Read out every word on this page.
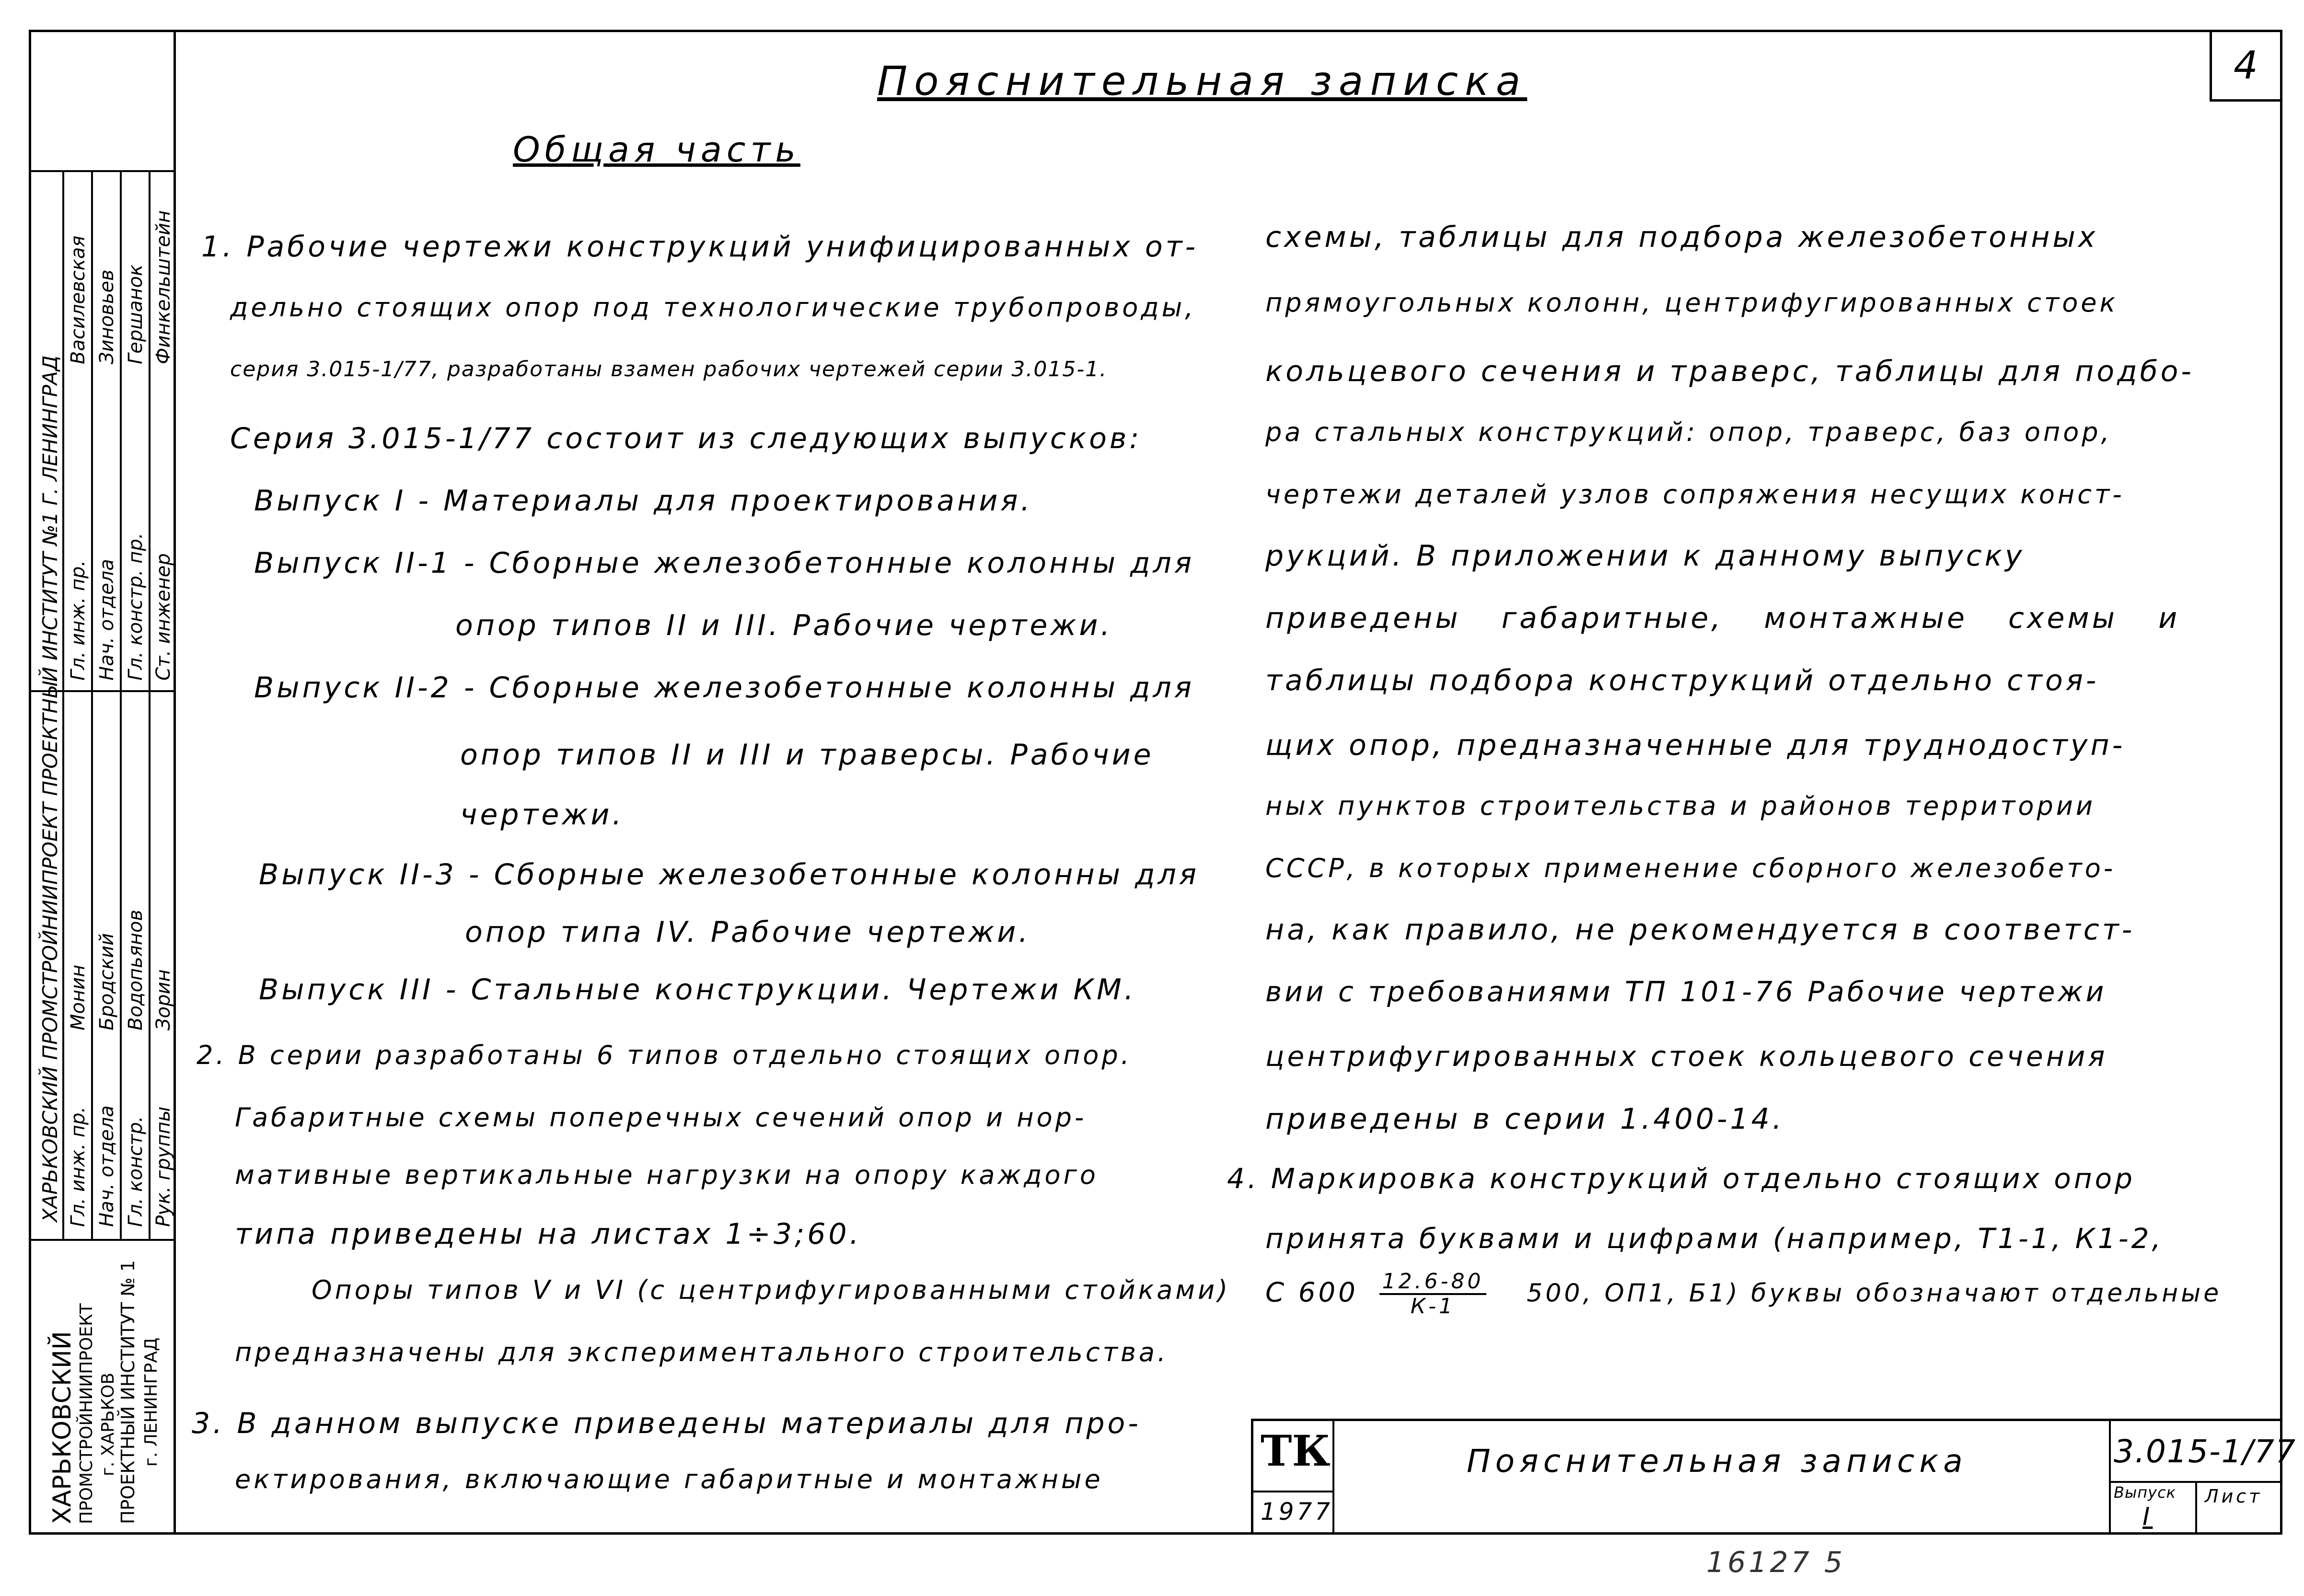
4
Пояснительная записка
Общая часть
1. Рабочие чертежи конструкций унифицированных от-
дельно стоящих опор под технологические трубопроводы,
серия 3.015-1/77, разработаны взамен рабочих чертежей серии 3.015-1.
Серия 3.015-1/77 состоит из следующих выпусков:
Выпуск I - Материалы для проектирования.
Выпуск II-1 - Сборные железобетонные колонны для
опор типов II и III. Рабочие чертежи.
Выпуск II-2 - Сборные железобетонные колонны для
опор типов II и III и траверсы. Рабочие
чертежи.
Выпуск II-3 - Сборные железобетонные колонны для
опор типа IV. Рабочие чертежи.
Выпуск III - Стальные конструкции. Чертежи КМ.
2. В серии разработаны 6 типов отдельно стоящих опор.
Габаритные схемы поперечных сечений опор и нор-
мативные вертикальные нагрузки на опору каждого
типа приведены на листах 1÷3;60.
Опоры типов V и VI (с центрифугированными стойками)
предназначены для экспериментального строительства.
3. В данном выпуске приведены материалы для про-
ектирования, включающие габаритные и монтажные
схемы, таблицы для подбора железобетонных
прямоугольных колонн, центрифугированных стоек
кольцевого сечения и траверс, таблицы для подбо-
ра стальных конструкций: опор, траверс, баз опор,
чертежи деталей узлов сопряжения несущих конст-
рукций. В приложении к данному выпуску
приведены габаритные, монтажные схемы и
таблицы подбора конструкций отдельно стоя-
щих опор, предназначенные для труднодоступ-
ных пунктов строительства и районов территории
СССР, в которых применение сборного железобето-
на, как правило, не рекомендуется в соответст-
вии с требованиями ТП 101-76 Рабочие чертежи
центрифугированных стоек кольцевого сечения
приведены в серии 1.400-14.
4. Маркировка конструкций отдельно стоящих опор
принята буквами и цифрами (например, Т1-1, К1-2,
С $600 \frac{12.6-80}{К-1} 500$, ОП1, Б1) буквы обозначают отдельные
ХАРЬКОВСКИЙ ПРОМСТРОЙНИИПРОЕКТ ПРОЕКТНЫЙ ИНСТИТУТ №1 Г. ЛЕНИНГРАД Гл. инж. пр. Нач. отдела Гл. констр. Рук. группы
Монин Бродский Водопьянов Зорин
Гл. инж. пр. Нач. отдела Гл. констр. пр. Ст. инженер
Василевская Зиновьев Гершанок Финкельштейн
ХАРЬКОВСКИЙ ПРОМСТРОЙНИИПРОЕКТ г. ХАРЬКОВ ПРОЕКТНЫЙ ИНСТИТУТ № 1 г. ЛЕНИНГРАД	ТК
1977
Пояснительная записка	3.015-1/77
Выпуск
I
Лист
16127 5
